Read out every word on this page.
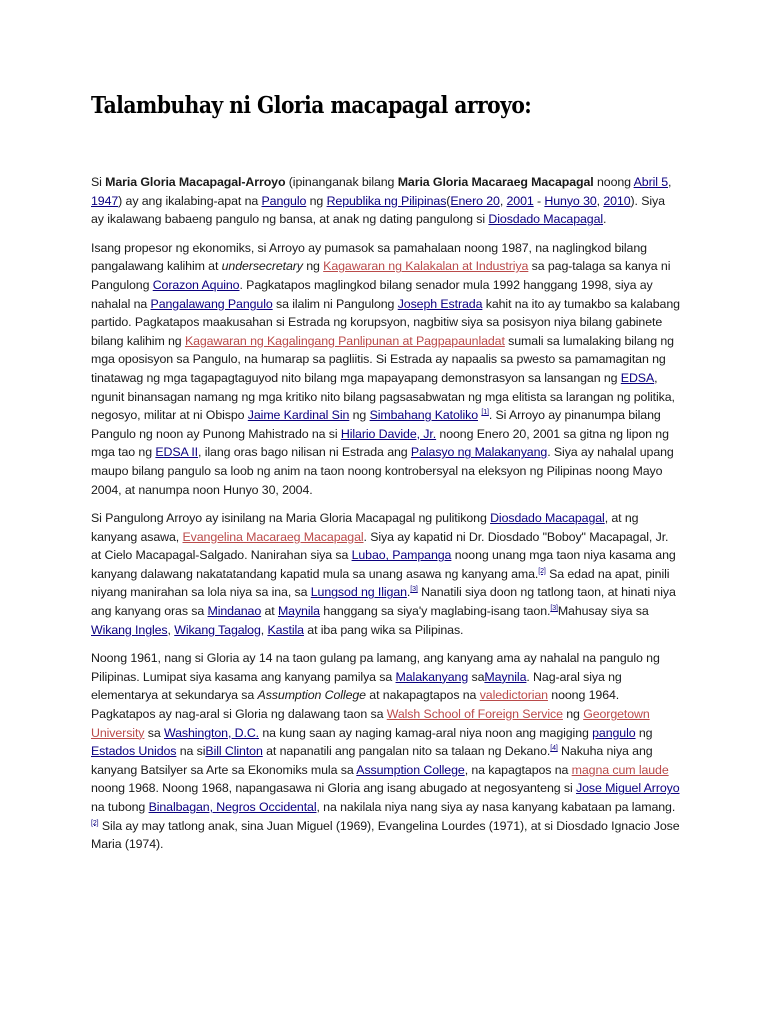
Talambuhay ni Gloria macapagal arroyo:

Si Maria Gloria Macapagal-Arroyo (ipinanganak bilang Maria Gloria Macaraeg Macapagal noong Abril 5, 1947) ay ang ikalabing-apat na Pangulo ng Republika ng Pilipinas(Enero 20, 2001 - Hunyo 30, 2010). Siya ay ikalawang babaeng pangulo ng bansa, at anak ng dating pangulong si Diosdado Macapagal.

Isang propesor ng ekonomiks, si Arroyo ay pumasok sa pamahalaan noong 1987, na naglingkod bilang pangalawang kalihim at undersecretary ng Kagawaran ng Kalakalan at Industriya sa pag-talaga sa kanya ni Pangulong Corazon Aquino. Pagkatapos maglingkod bilang senador mula 1992 hanggang 1998, siya ay nahalal na Pangalawang Pangulo sa ilalim ni Pangulong Joseph Estrada kahit na ito ay tumakbo sa kalabang partido. Pagkatapos maakusahan si Estrada ng korupsyon, nagbitiw siya sa posisyon niya bilang gabinete bilang kalihim ng Kagawaran ng Kagalingang Panlipunan at Pagpapaunladat sumali sa lumalaking bilang ng mga oposisyon sa Pangulo, na humarap sa pagliitis. Si Estrada ay napaalis sa pwesto sa pamamagitan ng tinatawag ng mga tagapagtaguyod nito bilang mga mapayapang demonstrasyon sa lansangan ng EDSA, ngunit binansagan namang ng mga kritiko nito bilang pagsasabwatan ng mga elitista sa larangan ng politika, negosyo, militar at ni Obispo Jaime Kardinal Sin ng Simbahang Katoliko [1]. Si Arroyo ay pinanumpa bilang Pangulo ng noon ay Punong Mahistrado na si Hilario Davide, Jr. noong Enero 20, 2001 sa gitna ng lipon ng mga tao ng EDSA II, ilang oras bago nilisan ni Estrada ang Palasyo ng Malakanyang. Siya ay nahalal upang maupo bilang pangulo sa loob ng anim na taon noong kontrobersyal na eleksyon ng Pilipinas noong Mayo 2004, at nanumpa noon Hunyo 30, 2004.

Si Pangulong Arroyo ay isinilang na Maria Gloria Macapagal ng pulitikong Diosdado Macapagal, at ng kanyang asawa, Evangelina Macaraeg Macapagal. Siya ay kapatid ni Dr. Diosdado "Boboy" Macapagal, Jr. at Cielo Macapagal-Salgado. Nanirahan siya sa Lubao, Pampanga noong unang mga taon niya kasama ang kanyang dalawang nakatatandang kapatid mula sa unang asawa ng kanyang ama.[2] Sa edad na apat, pinili niyang manirahan sa lola niya sa ina, sa Lungsod ng Iligan.[3] Nanatili siya doon ng tatlong taon, at hinati niya ang kanyang oras sa Mindanao at Maynila hanggang sa siya'y maglabing-isang taon.[3]Mahusay siya sa Wikang Ingles, Wikang Tagalog, Kastila at iba pang wika sa Pilipinas.

Noong 1961, nang si Gloria ay 14 na taon gulang pa lamang, ang kanyang ama ay nahalal na pangulo ng Pilipinas. Lumipat siya kasama ang kanyang pamilya sa Malakanyang saMaynila. Nag-aral siya ng elementarya at sekundarya sa Assumption College at nakapagtapos na valedictorian noong 1964. Pagkatapos ay nag-aral si Gloria ng dalawang taon sa Walsh School of Foreign Service ng Georgetown University sa Washington, D.C. na kung saan ay naging kamag-aral niya noon ang magiging pangulo ng Estados Unidos na siBill Clinton at napanatili ang pangalan nito sa talaan ng Dekano.[4] Nakuha niya ang kanyang Batsilyer sa Arte sa Ekonomiks mula sa Assumption College, na kapagtapos na magna cum laude noong 1968. Noong 1968, napangasawa ni Gloria ang isang abugado at negosyanteng si Jose Miguel Arroyo na tubong Binalbagan, Negros Occidental, na nakilala niya nang siya ay nasa kanyang kabataan pa lamang.[2] Sila ay may tatlong anak, sina Juan Miguel (1969), Evangelina Lourdes (1971), at si Diosdado Ignacio Jose Maria (1974).
